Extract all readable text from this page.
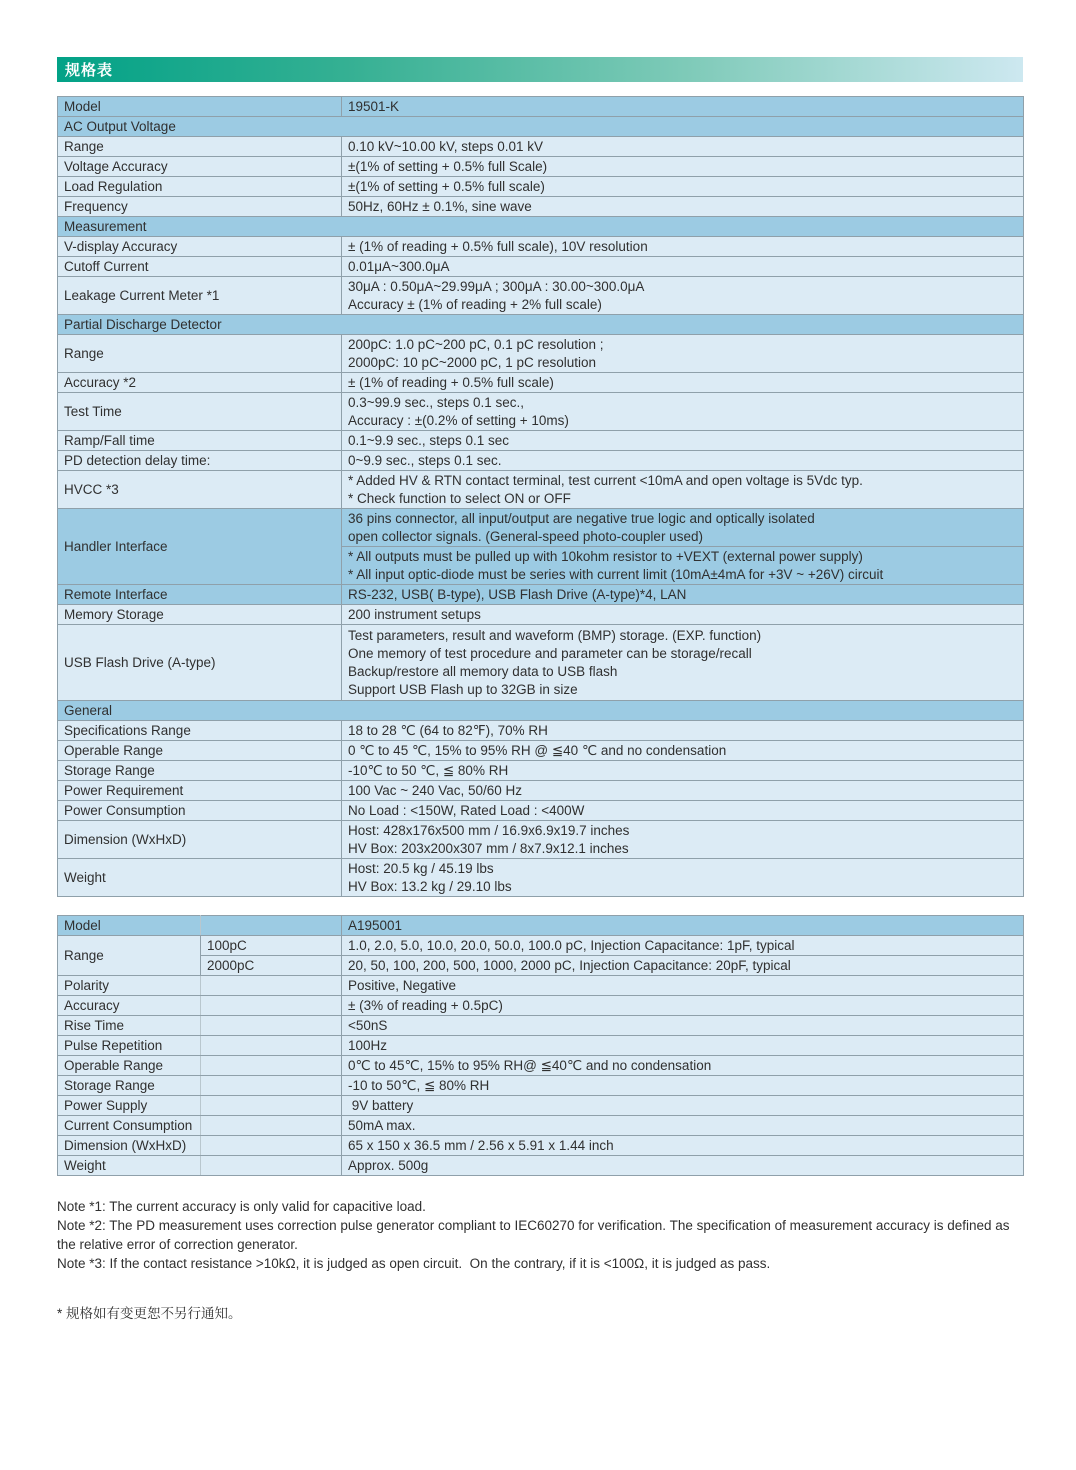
规格表
Model	19501-K
AC Output Voltage	
Range	0.10 kV~10.00 kV, steps 0.01 kV
Voltage Accuracy	±(1% of setting + 0.5% full Scale)
Load Regulation	±(1% of setting + 0.5% full scale)
Frequency	50Hz, 60Hz ± 0.1%, sine wave
Measurement	
V-display Accuracy	± (1% of reading + 0.5% full scale), 10V resolution
Cutoff Current	0.01μA~300.0μA
Leakage Current Meter *1	30μA : 0.50μA~29.99μA ; 300μA : 30.00~300.0μA
Accuracy ± (1% of reading + 2% full scale)

Partial Discharge Detector	
Range	200pC: 1.0 pC~200 pC, 0.1 pC resolution ;
2000pC: 10 pC~2000 pC, 1 pC resolution

Accuracy *2	± (1% of reading + 0.5% full scale)
Test Time	0.3~99.9 sec., steps 0.1 sec.,
Accuracy : ±(0.2% of setting + 10ms)

Ramp/Fall time	0.1~9.9 sec., steps 0.1 sec
PD detection delay time:	0~9.9 sec., steps 0.1 sec.
HVCC *3	* Added HV & RTN contact terminal, test current <10mA and open voltage is 5Vdc typ.
* Check function to select ON or OFF

Handler Interface	36 pins connector, all input/output are negative true logic and optically isolated
open collector signals. (General-speed photo-coupler used)

	* All outputs must be pulled up with 10kohm resistor to +VEXT (external power supply)
* All input optic-diode must be series with current limit (10mA±4mA for +3V ~ +26V) circuit

Remote Interface	RS-232, USB( B-type), USB Flash Drive (A-type)*4, LAN
Memory Storage	200 instrument setups
USB Flash Drive (A-type)	Test parameters, result and waveform (BMP) storage. (EXP. function)
One memory of test procedure and parameter can be storage/recall
Backup/restore all memory data to USB flash
Support USB Flash up to 32GB in size

General	
Specifications Range	18 to 28 ℃ (64 to 82℉), 70% RH
Operable Range	0 ℃ to 45 ℃, 15% to 95% RH @ ≦40 ℃ and no condensation
Storage Range	-10℃ to 50 ℃, ≦ 80% RH
Power Requirement	100 Vac ~ 240 Vac, 50/60 Hz
Power Consumption	No Load : <150W, Rated Load : <400W
Dimension (WxHxD)	Host: 428x176x500 mm / 16.9x6.9x19.7 inches
HV Box: 203x200x307 mm / 8x7.9x12.1 inches

Weight	Host: 20.5 kg / 45.19 lbs
HV Box: 13.2 kg / 29.10 lbs
Model		A195001
Range	100pC	1.0, 2.0, 5.0, 10.0, 20.0, 50.0, 100.0 pC, Injection Capacitance: 1pF, typical
	2000pC	20, 50, 100, 200, 500, 1000, 2000 pC, Injection Capacitance: 20pF, typical
Polarity		Positive, Negative
Accuracy		± (3% of reading + 0.5pC)
Rise Time		<50nS
Pulse Repetition		100Hz
Operable Range		0℃ to 45℃, 15% to 95% RH@ ≦40℃ and no condensation
Storage Range		-10 to 50℃, ≦ 80% RH
Power Supply		9V battery
Current Consumption		50mA max.
Dimension (WxHxD)		65 x 150 x 36.5 mm / 2.56 x 5.91 x 1.44 inch
Weight		Approx. 500g
Note *1: The current accuracy is only valid for capacitive load.
Note *2: The PD measurement uses correction pulse generator compliant to IEC60270 for verification. The specification of measurement accuracy is defined as the relative error of correction generator.
Note *3: If the contact resistance >10kΩ, it is judged as open circuit.  On the contrary, if it is <100Ω, it is judged as pass.
* 规格如有变更恕不另行通知。
